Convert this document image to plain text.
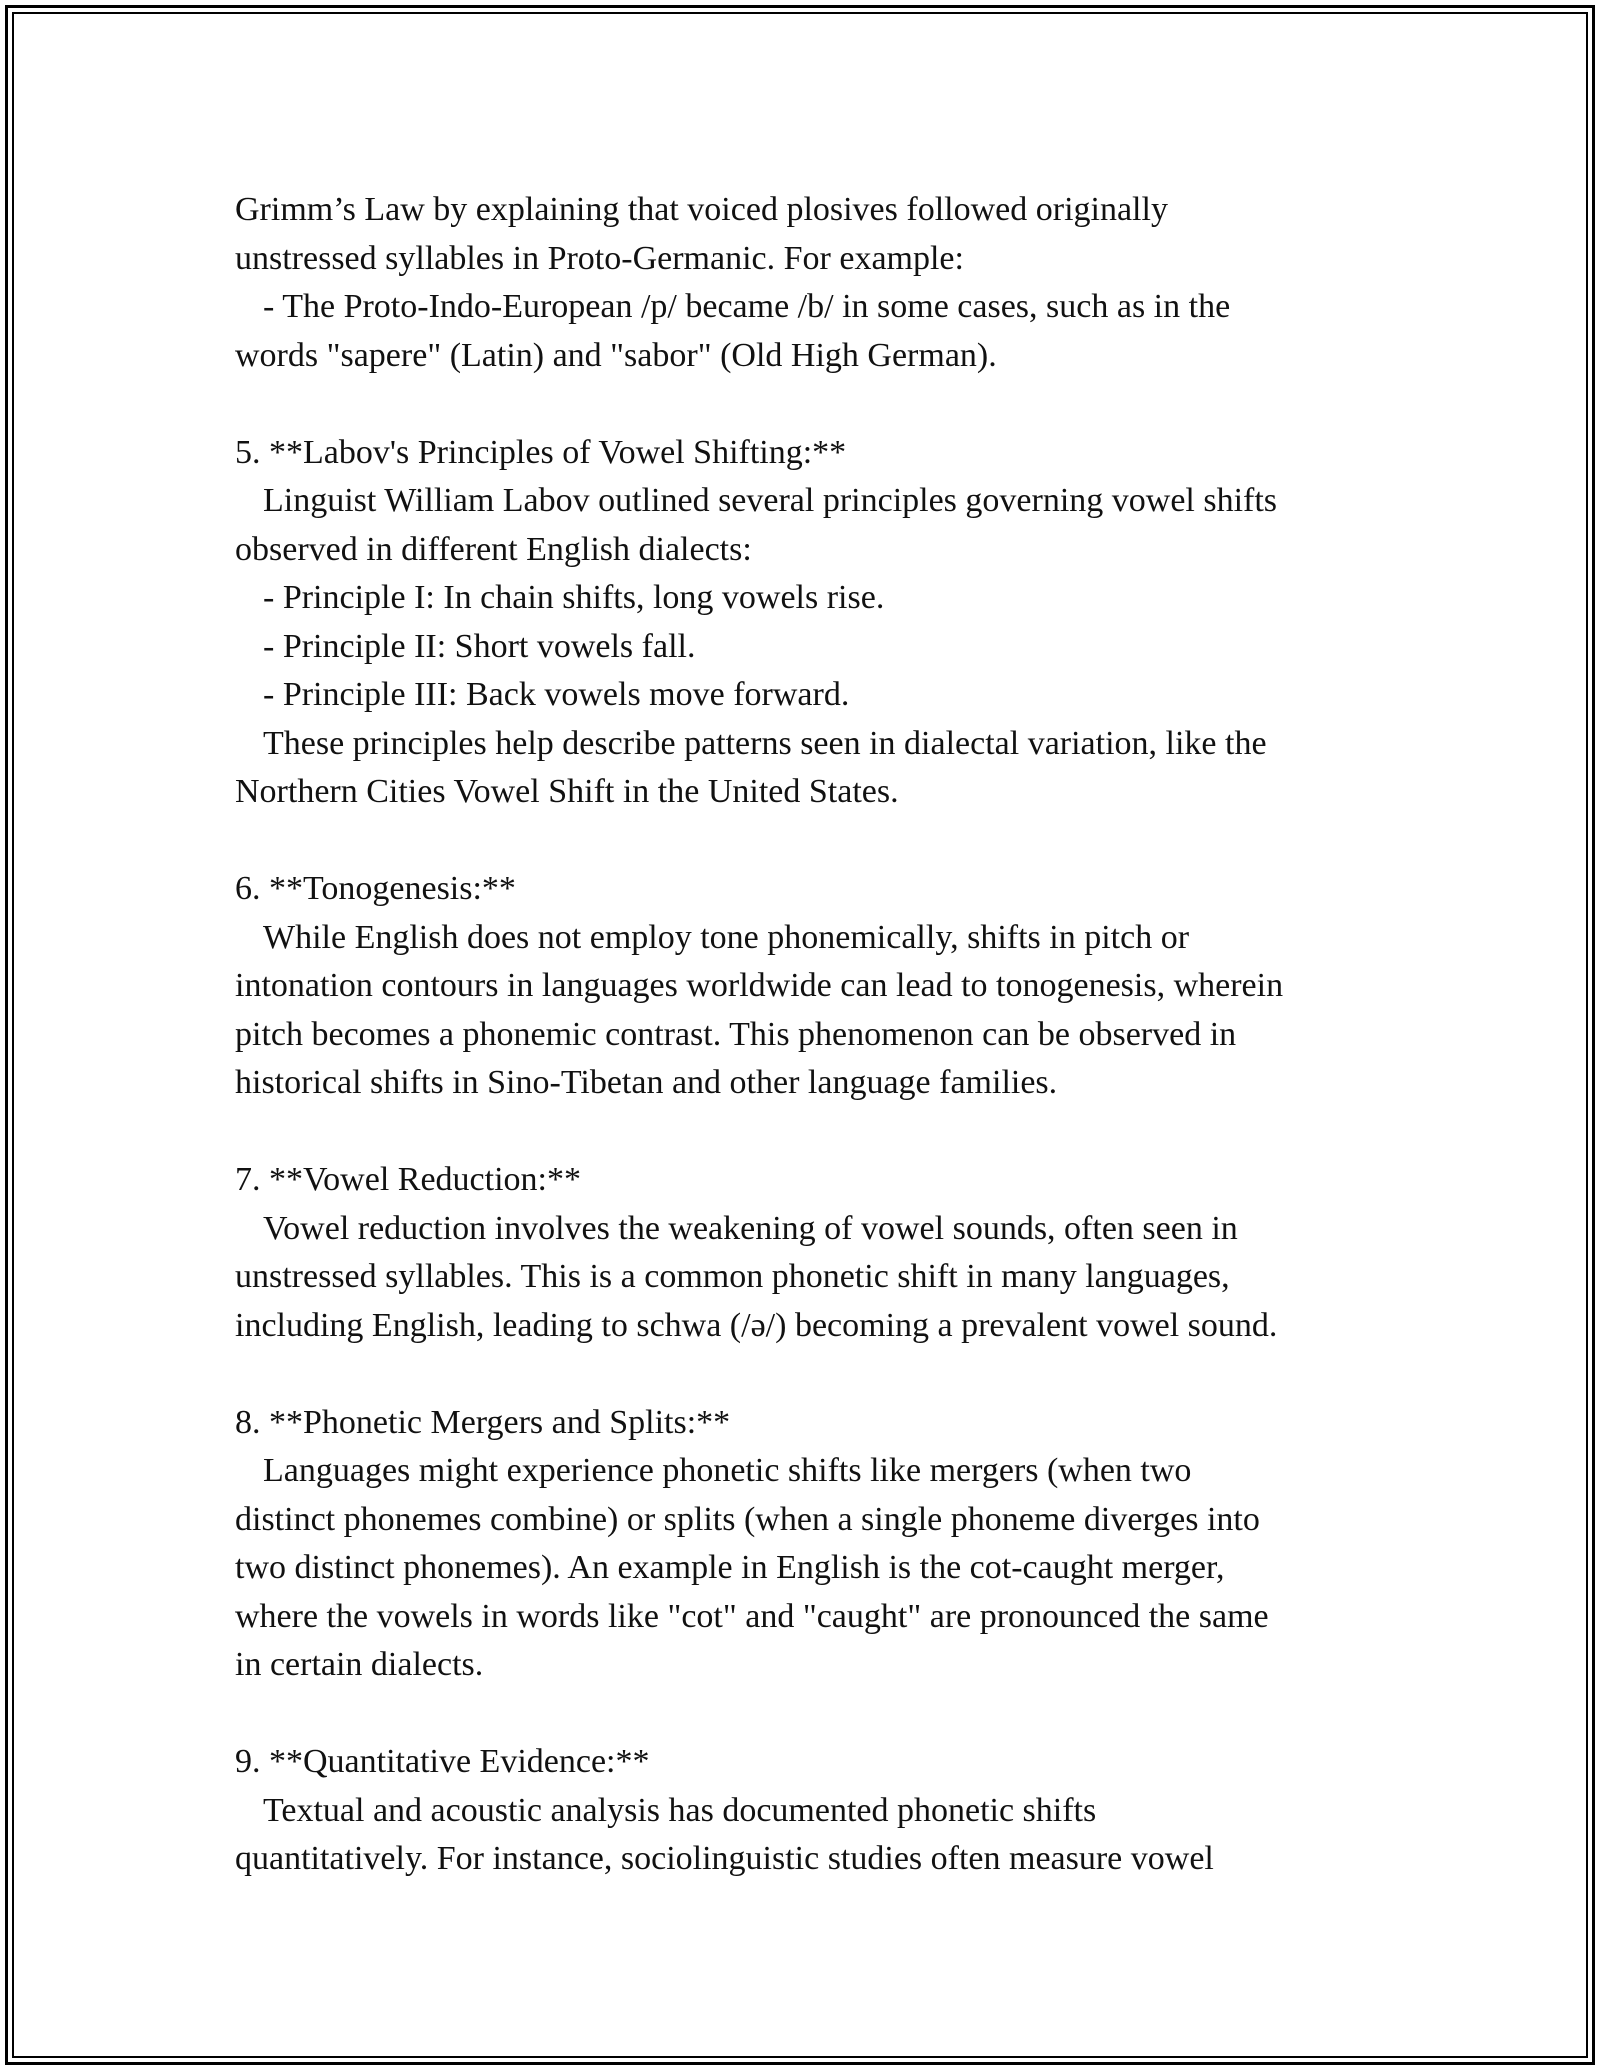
Grimm’s Law by explaining that voiced plosives followed originally
unstressed syllables in Proto-Germanic. For example:
- The Proto-Indo-European /p/ became /b/ in some cases, such as in the
words "sapere" (Latin) and "sabor" (Old High German).
5. **Labov's Principles of Vowel Shifting:**
Linguist William Labov outlined several principles governing vowel shifts
observed in different English dialects:
- Principle I: In chain shifts, long vowels rise.
- Principle II: Short vowels fall.
- Principle III: Back vowels move forward.
These principles help describe patterns seen in dialectal variation, like the
Northern Cities Vowel Shift in the United States.
6. **Tonogenesis:**
While English does not employ tone phonemically, shifts in pitch or
intonation contours in languages worldwide can lead to tonogenesis, wherein
pitch becomes a phonemic contrast. This phenomenon can be observed in
historical shifts in Sino-Tibetan and other language families.
7. **Vowel Reduction:**
Vowel reduction involves the weakening of vowel sounds, often seen in
unstressed syllables. This is a common phonetic shift in many languages,
including English, leading to schwa (/ə/) becoming a prevalent vowel sound.
8. **Phonetic Mergers and Splits:**
Languages might experience phonetic shifts like mergers (when two
distinct phonemes combine) or splits (when a single phoneme diverges into
two distinct phonemes). An example in English is the cot-caught merger,
where the vowels in words like "cot" and "caught" are pronounced the same
in certain dialects.
9. **Quantitative Evidence:**
Textual and acoustic analysis has documented phonetic shifts
quantitatively. For instance, sociolinguistic studies often measure vowel
